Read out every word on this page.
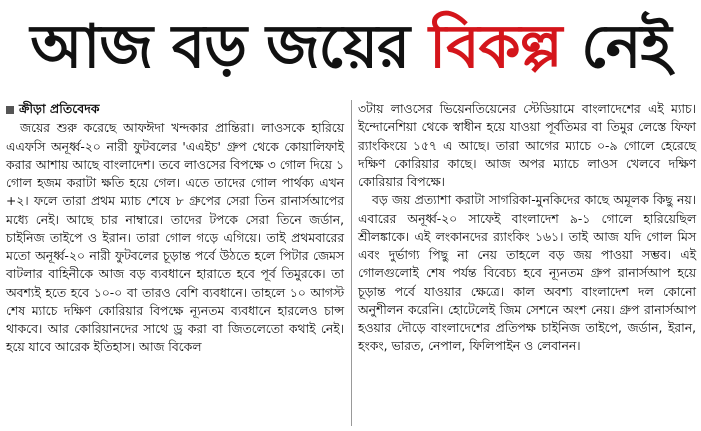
আজ বড় জয়ের বিকল্প নেই
ক্রীড়া প্রতিবেদক

জয়ের শুরু করেছে আফঈদা খন্দকার প্রান্তিরা। লাওসকে হারিয়ে এএফসি অনূর্ধ্ব-২০ নারী ফুটবলের 'এএইচ' গ্রুপ থেকে কোয়ালিফাই করার আশায় আছে বাংলাদেশ। তবে লাওসের বিপক্ষে ৩ গোল দিয়ে ১ গোল হজম করাটা ক্ষতি হয়ে গেল। এতে তাদের গোল পার্থক্য এখন +২। ফলে তারা প্রথম ম্যাচ শেষে ৮ গ্রুপের সেরা তিন রানার্সআপের মধ্যে নেই। আছে চার নাম্বারে। তাদের টপকে সেরা তিনে জর্ডান, চাইনিজ তাইপে ও ইরান। তারা গোল গড়ে এগিয়ে। তাই প্রথমবারের মতো অনূর্ধ্ব-২০ নারী ফুটবলের চূড়ান্ত পর্বে উঠতে হলে পিটার জেমস বাটলার বাহিনীকে আজ বড় ব্যবধানে হারাতে হবে পূর্ব তিমুরকে। তা অবশ্যই হতে হবে ১০-০ বা তারও বেশি ব্যবধানে। তাহলে ১০ আগস্ট শেষ ম্যাচে দক্ষিণ কোরিয়ার বিপক্ষে ন্যূনতম ব্যবধানে হারলেও চান্স থাকবে। আর কোরিয়ানদের সাথে ড্র করা বা জিতলেতো কথাই নেই। হয়ে যাবে আরেক ইতিহাস। আজ বিকেল

৩টায় লাওসের ভিয়েনতিয়েনের স্টেডিয়ামে বাংলাদেশের এই ম্যাচ। ইন্দোনেশিয়া থেকে স্বাধীন হয়ে যাওয়া পূর্বতিমর বা তিমুর লেস্তে ফিফা র‍্যাংকিংয়ে ১৫৭ এ আছে। তারা আগের ম্যাচে ০-৯ গোলে হেরেছে দক্ষিণ কোরিয়ার কাছে। আজ অপর ম্যাচে লাওস খেলবে দক্ষিণ কোরিয়ার বিপক্ষে।

বড় জয় প্রত্যাশা করাটা সাগরিকা-মুনকিদের কাছে অমূলক কিছু নয়। এবারের অনূর্ধ্ব-২০ সাফেই বাংলাদেশ ৯-১ গোলে হারিয়েছিল শ্রীলঙ্কাকে। এই লংকানদের র‍্যাংকিং ১৬১। তাই আজ যদি গোল মিস এবং দুর্ভাগ্য পিছু না নেয় তাহলে বড় জয় পাওয়া সম্ভব। এই গোলগুলোই শেষ পর্যন্ত বিবেচ্য হবে ন্যূনতম গ্রুপ রানার্সআপ হয়ে চূড়ান্ত পর্বে যাওয়ার ক্ষেত্রে। কাল অবশ্য বাংলাদেশ দল কোনো অনুশীলন করেনি। হোটেলেই জিম সেশনে অংশ নেয়। গ্রুপ রানার্সআপ হওয়ার দৌড়ে বাংলাদেশের প্রতিপক্ষ চাইনিজ তাইপে, জর্ডান, ইরান, হংকং, ভারত, নেপাল, ফিলিপাইন ও লেবানন।
